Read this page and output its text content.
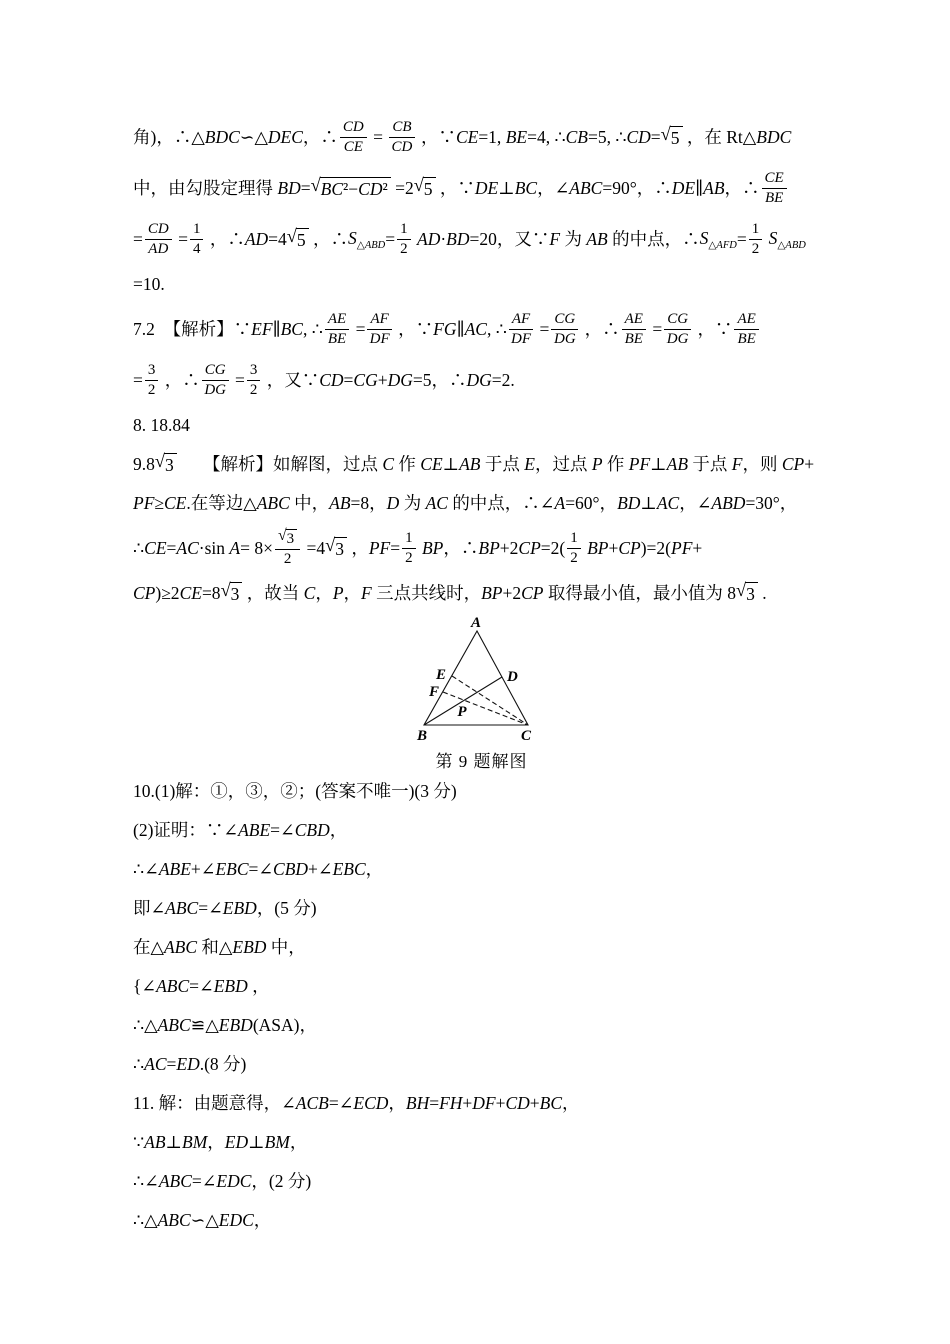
角)，∴△BDC∽△DEC，∴ $\frac{CD}{CE} = \frac{CB}{CD}$ ，∵CE=1, BE=4, ∴CB=5, ∴CD= √ 5 ，在 Rt△BDC
中，由勾股定理得 BD= √ BC²−CD² =2 √ 5 ，∵DE⊥BC，∠ABC=90°，∴DE∥AB，∴ CE
BE
= $\frac{CD}{AD} = \frac{1}{4}$ ，∴AD=4 √ 5 ，∴ $S_{\triangle ABD} = \frac{1}{2} AD\cdot BD=20$，又∵F 为 AB 的中点，∴ $S_{\triangle AFD} = \frac{1}{2}$
$S_{\triangle ABD}$
=10.
7.2　【解析】∵EF∥BC, ∴ $\frac{AE}{BE} = \frac{AF}{DF}$ ，∵FG∥AC, ∴ $\frac{AF}{DF} = \frac{CG}{DG}$ ，∴ $\frac{AE}{BE} = \frac{CG}{DG}$ ，∵ AE
BE
= $\frac{3}{2}$ ，∴ $\frac{CG}{DG} = \frac{3}{2}$ ，又∵CD=CG+DG=5，∴DG=2.
8. 18.84
9.8 √ 3 　　【解析】如解图，过点 C 作 CE⊥AB 于点 E，过点 P 作 PF⊥AB 于点 F，则 CP+
PF≥CE.在等边△ABC 中，AB=8，D 为 AC 的中点，∴∠A=60°，BD⊥AC，∠ABD=30°，
∴CE=AC·sin $A= 8\times \frac{√ 3}{2} =4$ √ 3 ，$PF= \frac{1}{2}$ BP，∴BP+2CP=2( 1
2
BP+CP)=2(PF+
CP)≥2CE=8 √ 3 ，故当 C，P，F 三点共线时，BP+2CP 取得最小值，最小值为 8 √ 3 .
A
B	C
D
E
F
P
第 9 题解图
10.(1)解：①，③，②；(答案不唯一)(3 分)
(2)证明：∵∠ABE=∠CBD，
∴∠ABE+∠EBC=∠CBD+∠EBC，
即∠ABC=∠EBD，(5 分)
在△ABC 和△EBD 中，
{∠ABC=∠EBD ，
∴△ABC≌△EBD(ASA)，
∴AC=ED.(8 分)
11. 解：由题意得，∠ACB=∠ECD，BH=FH+DF+CD+BC，
∵AB⊥BM，ED⊥BM，
∴∠ABC=∠EDC，(2 分)
∴△ABC∽△EDC，
